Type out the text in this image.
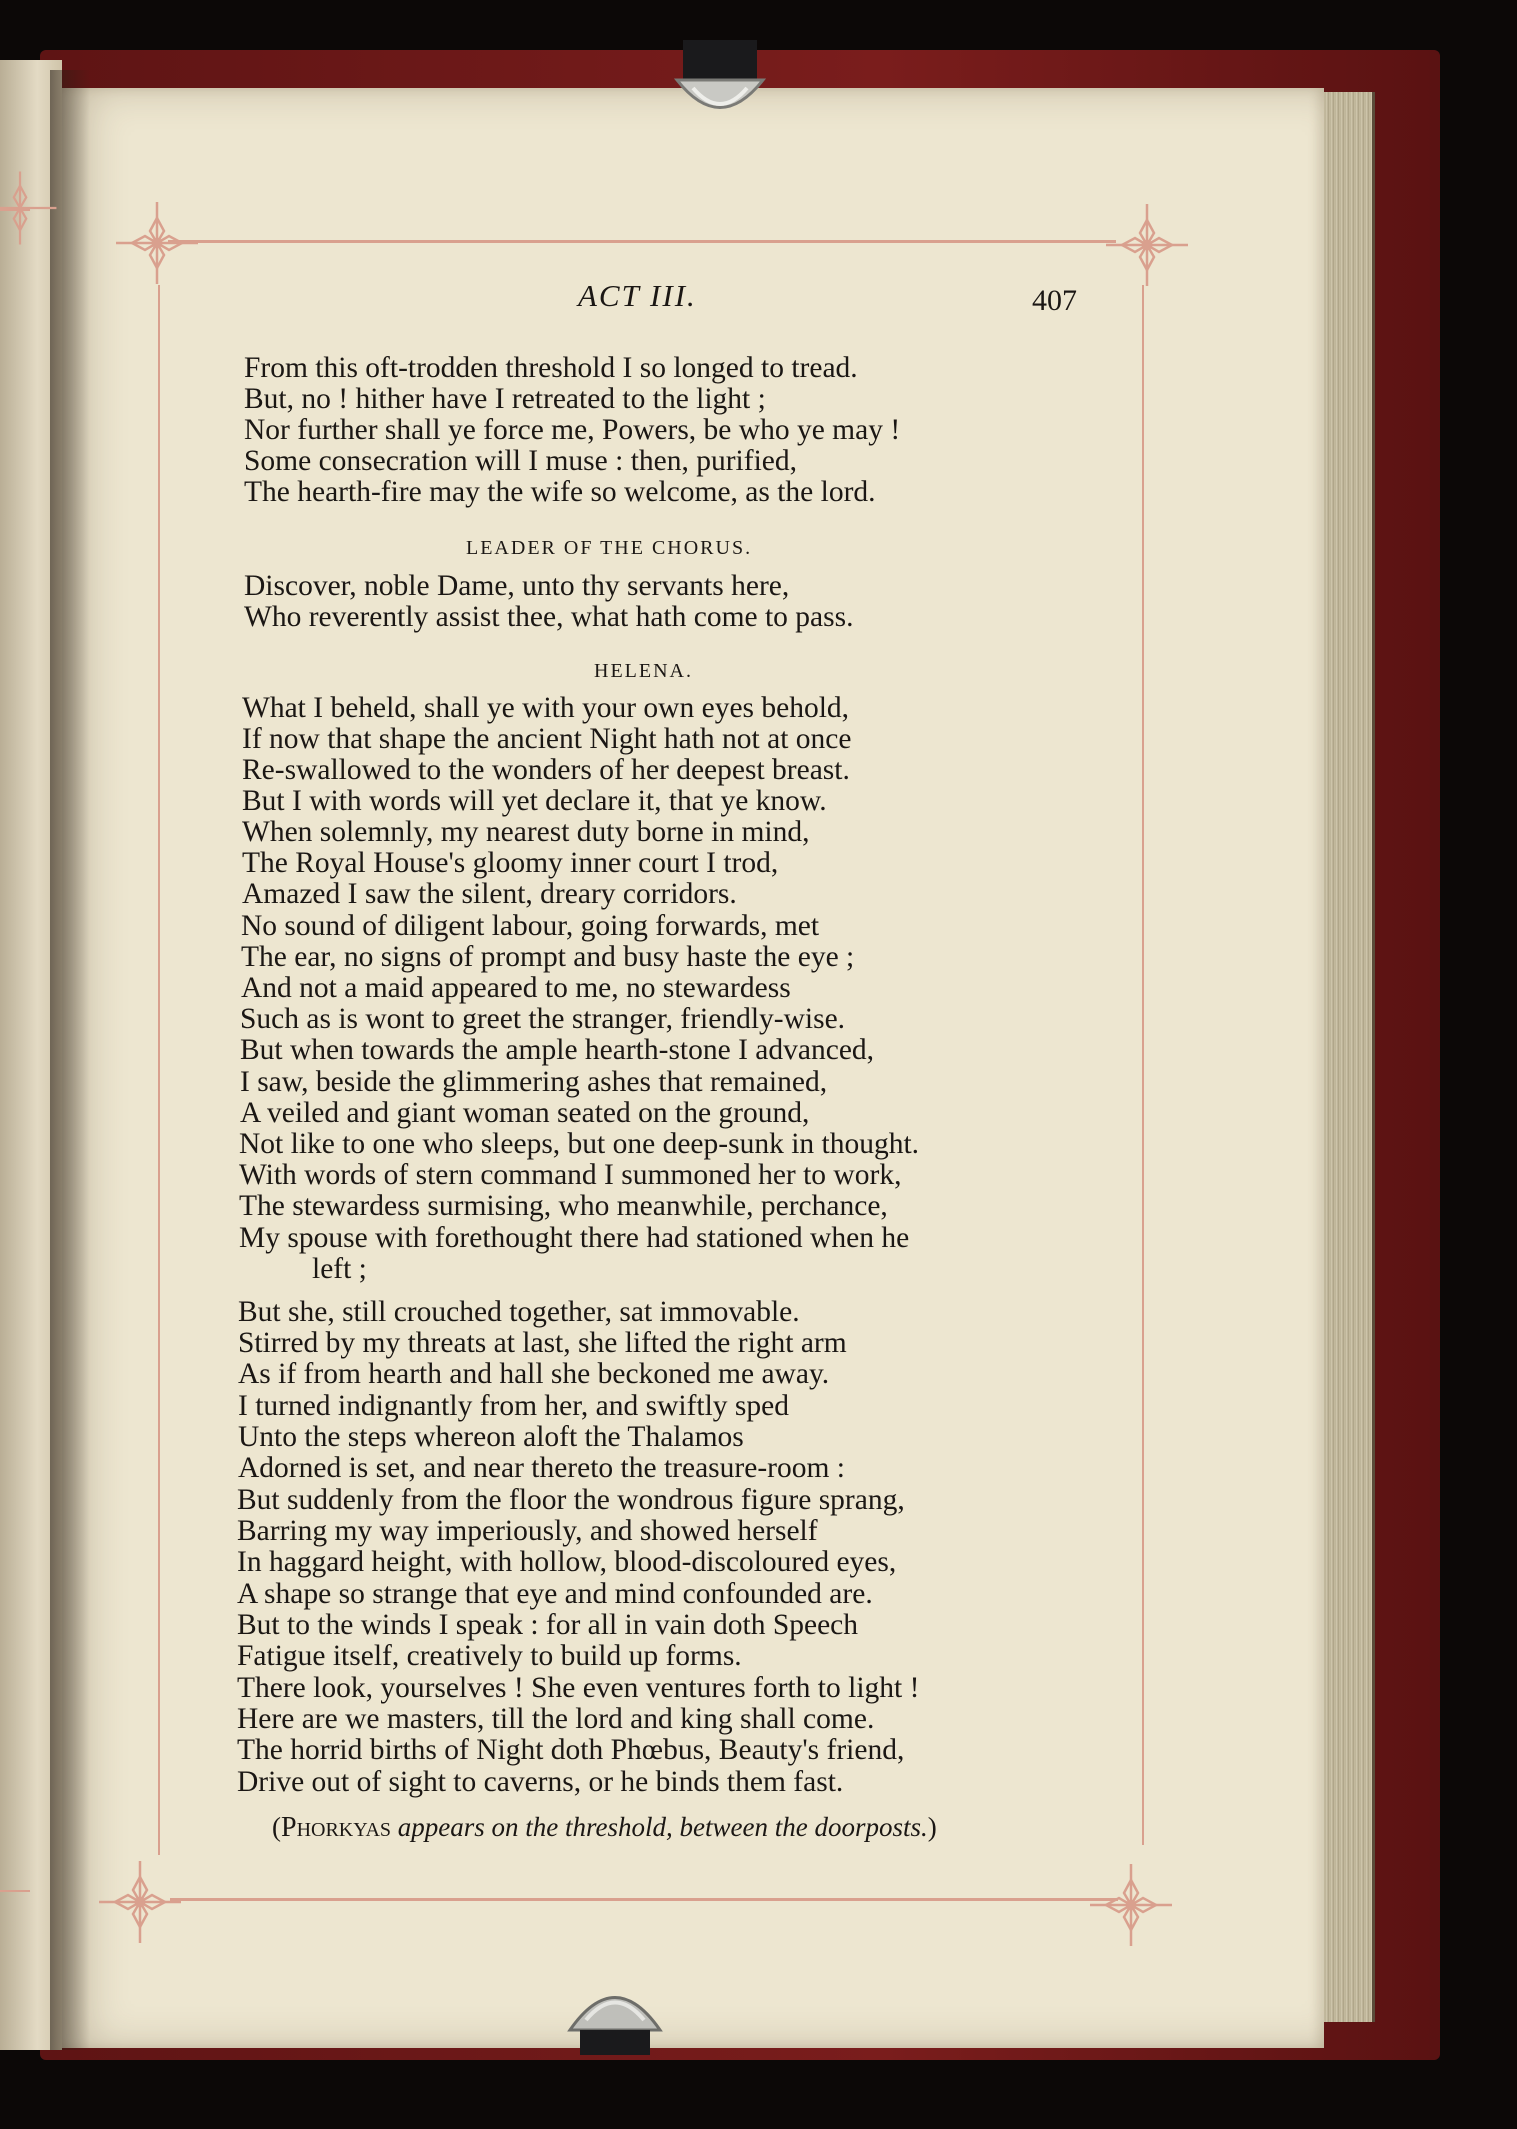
ACT III.	407
From this oft-trodden threshold I so longed to tread.
But, no ! hither have I retreated to the light ;
Nor further shall ye force me, Powers, be who ye may !
Some consecration will I muse : then, purified,
The hearth-fire may the wife so welcome, as the lord.
LEADER OF THE CHORUS.
Discover, noble Dame, unto thy servants here,
Who reverently assist thee, what hath come to pass.
HELENA.
What I beheld, shall ye with your own eyes behold,
If now that shape the ancient Night hath not at once
Re-swallowed to the wonders of her deepest breast.
But I with words will yet declare it, that ye know.
When solemnly, my nearest duty borne in mind,
The Royal House's gloomy inner court I trod,
Amazed I saw the silent, dreary corridors.
No sound of diligent labour, going forwards, met
The ear, no signs of prompt and busy haste the eye ;
And not a maid appeared to me, no stewardess
Such as is wont to greet the stranger, friendly-wise.
But when towards the ample hearth-stone I advanced,
I saw, beside the glimmering ashes that remained,
A veiled and giant woman seated on the ground,
Not like to one who sleeps, but one deep-sunk in thought.
With words of stern command I summoned her to work,
The stewardess surmising, who meanwhile, perchance,
My spouse with forethought there had stationed when he
left ;
But she, still crouched together, sat immovable.
Stirred by my threats at last, she lifted the right arm
As if from hearth and hall she beckoned me away.
I turned indignantly from her, and swiftly sped
Unto the steps whereon aloft the Thalamos
Adorned is set, and near thereto the treasure-room :
But suddenly from the floor the wondrous figure sprang,
Barring my way imperiously, and showed herself
In haggard height, with hollow, blood-discoloured eyes,
A shape so strange that eye and mind confounded are.
But to the winds I speak : for all in vain doth Speech
Fatigue itself, creatively to build up forms.
There look, yourselves ! She even ventures forth to light !
Here are we masters, till the lord and king shall come.
The horrid births of Night doth Phœbus, Beauty's friend,
Drive out of sight to caverns, or he binds them fast.
(Phorkyas appears on the threshold, between the doorposts.)
